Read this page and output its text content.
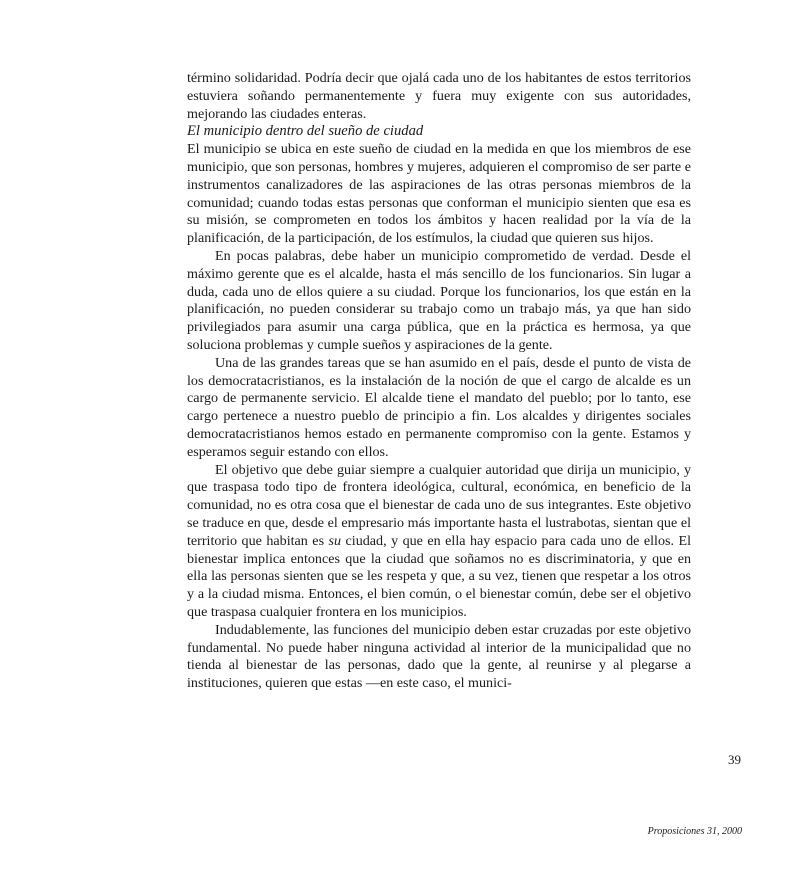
término solidaridad. Podría decir que ojalá cada uno de los habitantes de estos territorios estuviera soñando permanentemente y fuera muy exigente con sus autoridades, mejorando las ciudades enteras.

El municipio dentro del sueño de ciudad

El municipio se ubica en este sueño de ciudad en la medida en que los miembros de ese municipio, que son personas, hombres y mujeres, adquieren el compromiso de ser parte e instrumentos canalizadores de las aspiraciones de las otras personas miembros de la comunidad; cuando todas estas personas que conforman el municipio sienten que esa es su misión, se comprometen en todos los ámbitos y hacen realidad por la vía de la planificación, de la participación, de los estímulos, la ciudad que quieren sus hijos.

En pocas palabras, debe haber un municipio comprometido de verdad. Desde el máximo gerente que es el alcalde, hasta el más sencillo de los funcionarios. Sin lugar a duda, cada uno de ellos quiere a su ciudad. Porque los funcionarios, los que están en la planificación, no pueden considerar su trabajo como un trabajo más, ya que han sido privilegiados para asumir una carga pública, que en la práctica es hermosa, ya que soluciona problemas y cumple sueños y aspiraciones de la gente.

Una de las grandes tareas que se han asumido en el país, desde el punto de vista de los democratacristianos, es la instalación de la noción de que el cargo de alcalde es un cargo de permanente servicio. El alcalde tiene el mandato del pueblo; por lo tanto, ese cargo pertenece a nuestro pueblo de principio a fin. Los alcaldes y dirigentes sociales democratacristianos hemos estado en permanente compromiso con la gente. Estamos y esperamos seguir estando con ellos.

El objetivo que debe guiar siempre a cualquier autoridad que dirija un municipio, y que traspasa todo tipo de frontera ideológica, cultural, económica, en beneficio de la comunidad, no es otra cosa que el bienestar de cada uno de sus integrantes. Este objetivo se traduce en que, desde el empresario más importante hasta el lustrabotas, sientan que el territorio que habitan es su ciudad, y que en ella hay espacio para cada uno de ellos. El bienestar implica entonces que la ciudad que soñamos no es discriminatoria, y que en ella las personas sienten que se les respeta y que, a su vez, tienen que respetar a los otros y a la ciudad misma. Entonces, el bien común, o el bienestar común, debe ser el objetivo que traspasa cualquier frontera en los municipios.

Indudablemente, las funciones del municipio deben estar cruzadas por este objetivo fundamental. No puede haber ninguna actividad al interior de la municipalidad que no tienda al bienestar de las personas, dado que la gente, al reunirse y al plegarse a instituciones, quieren que estas —en este caso, el munici-

39
Proposiciones 31, 2000
